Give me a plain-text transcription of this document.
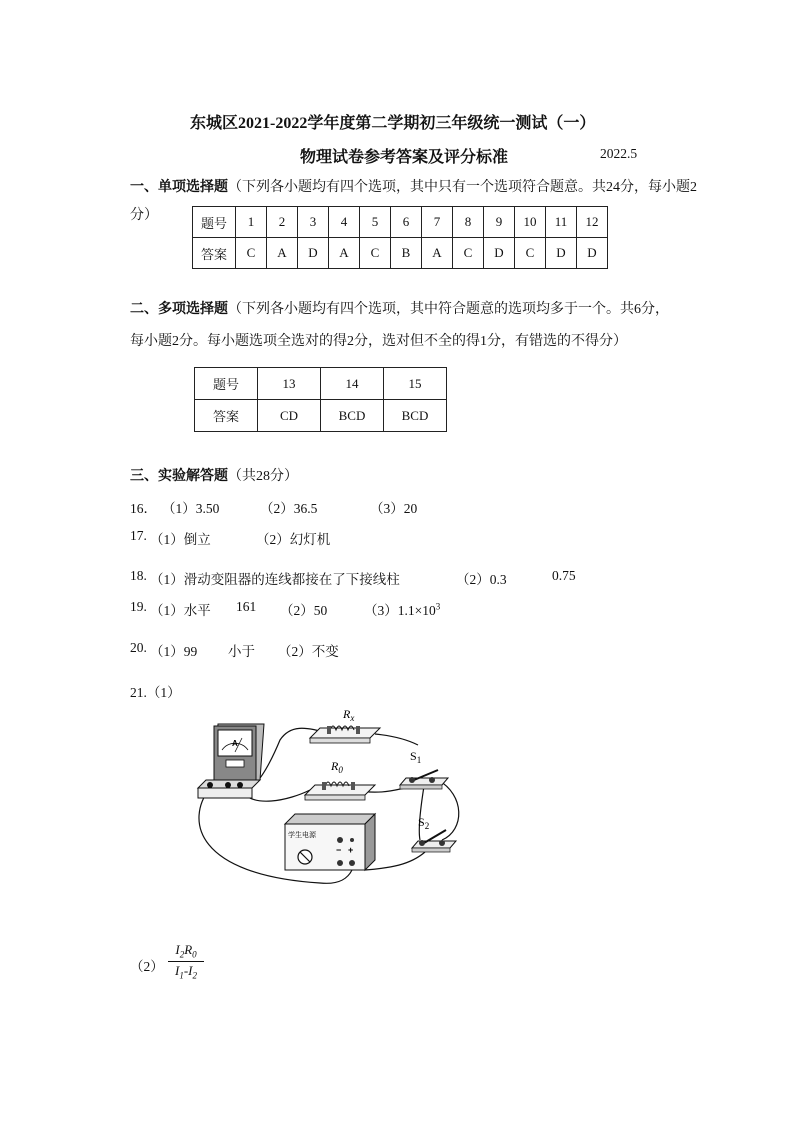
东城区2021-2022学年度第二学期初三年级统一测试（一）
物理试卷参考答案及评分标准	2022.5
一、单项选择题（下列各小题均有四个选项，其中只有一个选项符合题意。共24分，每小题2
分）	题号	1	2	3	4	5	6	7	8	9	10	11	12
答案	C	A	D	A	C	B	A	C	D	C	D	D
二、多项选择题（下列各小题均有四个选项，其中符合题意的选项均多于一个。共6分，
每小题2分。每小题选项全选对的得2分，选对但不全的得1分，有错选的不得分）
题号	13	14	15
答案	CD	BCD	BCD
三、实验解答题（共28分）
16． （1）3.50	（2）36.5	（3）20
17. （1）倒立	（2）幻灯机
18. （1）滑动变阻器的连线都接在了下接线柱	（2）0.3	0.75
19. （1）水平 161 （2）50	$(3)1.1\times 10^3$
20. （1）99 小于 （2）不变
21.（1）
A
$R_x$
$R_0$
$S_1$
$S_2$
− +
学生电源
（2）
$I_2R_0$
$I_1-I_2$
